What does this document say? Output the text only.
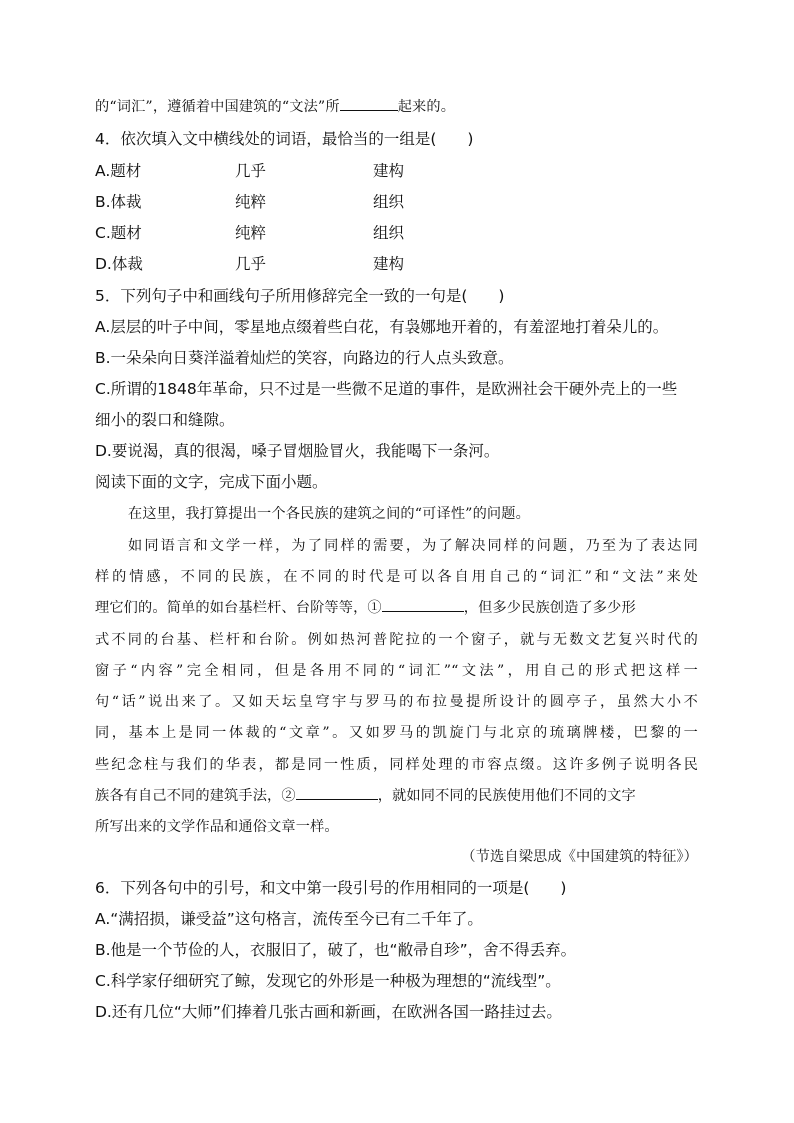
的“词汇”，遵循着中国建筑的“文法”所	起来的。
4．依次填入文中横线处的词语，最恰当的一组是(　　)
A.题材	几乎	建构
B.体裁	纯粹	组织
C.题材	纯粹	组织
D.体裁	几乎	建构
5．下列句子中和画线句子所用修辞完全一致的一句是(　　)
A.层层的叶子中间，零星地点缀着些白花，有袅娜地开着的，有羞涩地打着朵儿的。
B.一朵朵向日葵洋溢着灿烂的笑容，向路边的行人点头致意。
C.所谓的1848年革命，只不过是一些微不足道的事件，是欧洲社会干硬外壳上的一些
细小的裂口和缝隙。
D.要说渴，真的很渴，嗓子冒烟脸冒火，我能喝下一条河。
阅读下面的文字，完成下面小题。
在这里，我打算提出一个各民族的建筑之间的“可译性”的问题。
如同语言和文学一样，为了同样的需要，为了解决同样的问题，乃至为了表达同
样的情感，不同的民族，在不同的时代是可以各自用自己的“词汇”和“文法”来处
理它们的。简单的如台基栏杆、台阶等等，①	，但多少民族创造了多少形
式不同的台基、栏杆和台阶。例如热河普陀拉的一个窗子，就与无数文艺复兴时代的
窗子“内容”完全相同，但是各用不同的“词汇”“文法”，用自己的形式把这样一
句“话”说出来了。又如天坛皇穹宇与罗马的布拉曼提所设计的圆亭子，虽然大小不
同，基本上是同一体裁的“文章”。又如罗马的凯旋门与北京的琉璃牌楼，巴黎的一
些纪念柱与我们的华表，都是同一性质，同样处理的市容点缀。这许多例子说明各民
族各有自己不同的建筑手法，②	，就如同不同的民族使用他们不同的文字
所写出来的文学作品和通俗文章一样。
（节选自梁思成《中国建筑的特征》）
6．下列各句中的引号，和文中第一段引号的作用相同的一项是(　　)
A.“满招损，谦受益”这句格言，流传至今已有二千年了。
B.他是一个节俭的人，衣服旧了，破了，也“敝帚自珍”，舍不得丢弃。
C.科学家仔细研究了鲸，发现它的外形是一种极为理想的“流线型”。
D.还有几位“大师”们捧着几张古画和新画，在欧洲各国一路挂过去。
